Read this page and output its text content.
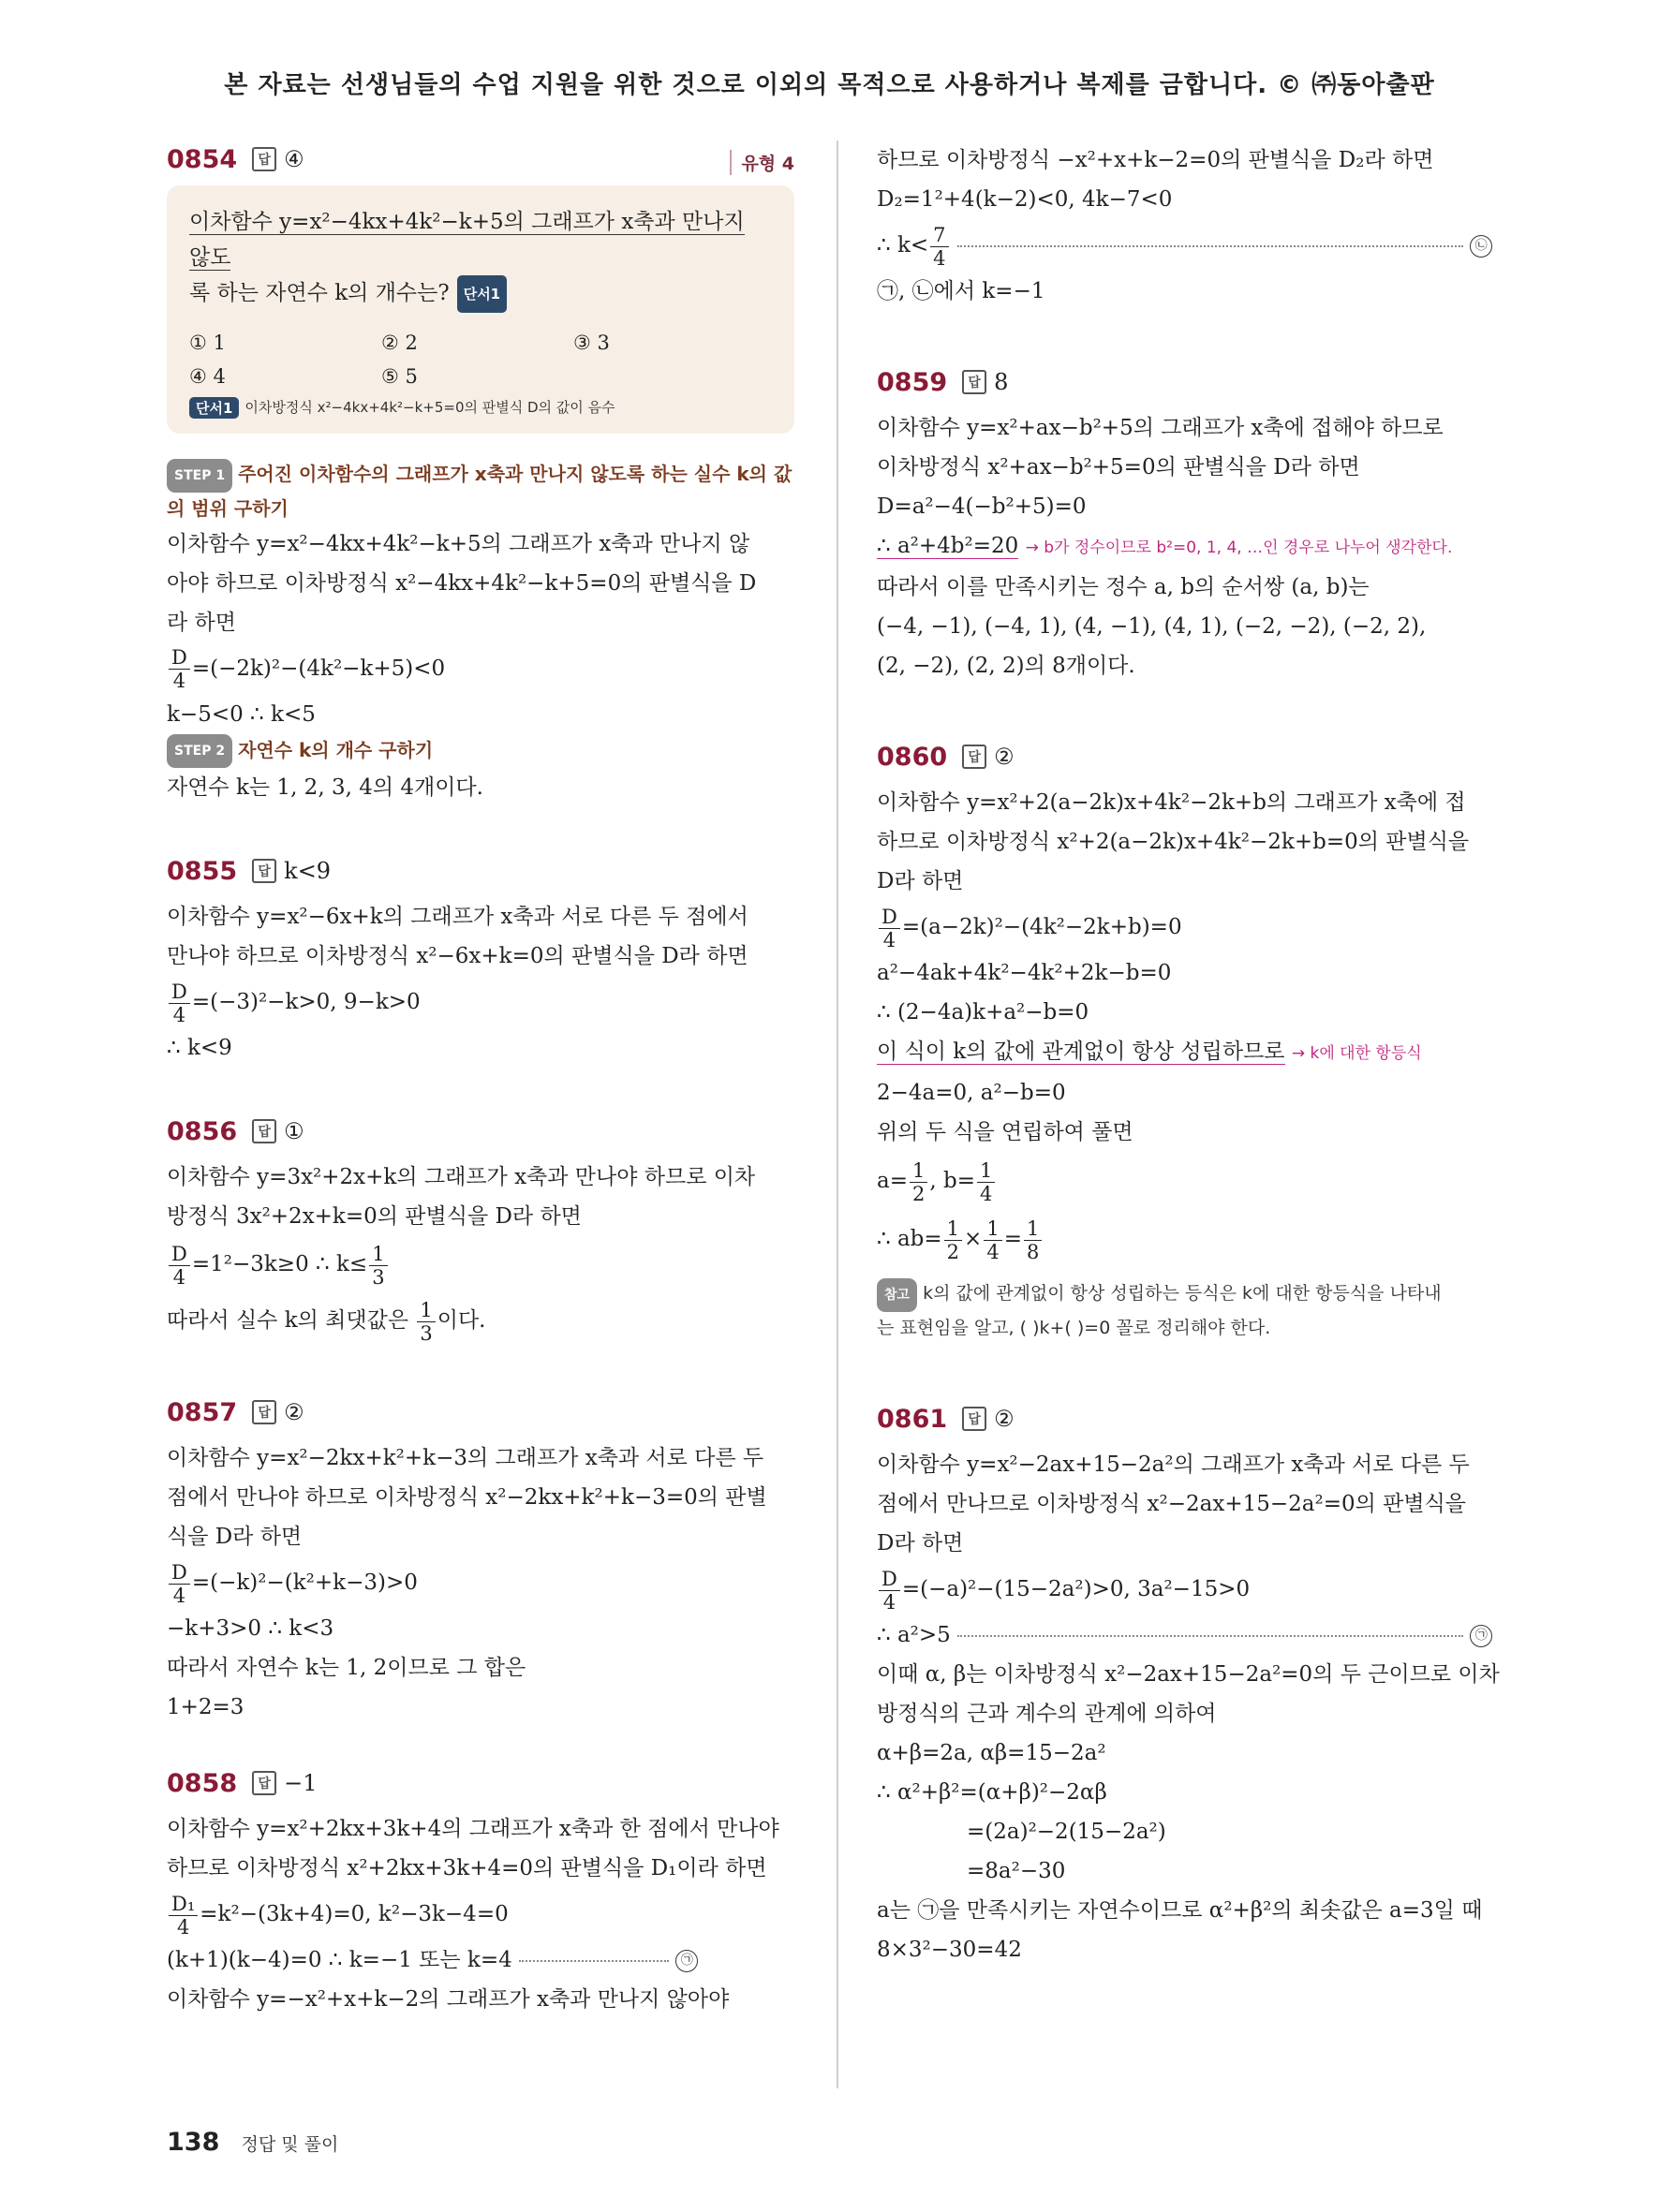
본 자료는 선생님들의 수업 지원을 위한 것으로 이외의 목적으로 사용하거나 복제를 금합니다. © ㈜동아출판
0854	답 ④	유형 4
이차함수 y=x²−4kx+4k²−k+5의 그래프가 x축과 만나지 않도
록 하는 자연수 k의 개수는? 단서1
① 1	② 2	③ 3
④ 4	⑤ 5
단서1 이차방정식 x²−4kx+4k²−k+5=0의 판별식 D의 값이 음수
STEP 1 주어진 이차함수의 그래프가 x축과 만나지 않도록 하는 실수 k의 값
의 범위 구하기
이차함수 y=x²−4kx+4k²−k+5의 그래프가 x축과 만나지 않
아야 하므로 이차방정식 x²−4kx+4k²−k+5=0의 판별식을 D
라 하면
$\frac{D}{4} =(-2k)^2-(4k^2-k+5)<0$
k−5<0 ∴ k<5
STEP 2 자연수 k의 개수 구하기
자연수 k는 1, 2, 3, 4의 4개이다.
0855	답 k<9
이차함수 y=x²−6x+k의 그래프가 x축과 서로 다른 두 점에서
만나야 하므로 이차방정식 x²−6x+k=0의 판별식을 D라 하면
$\frac{D}{4} =(-3)^2-k>0$, 9−k>0
∴ k<9
0856	답 ①
이차함수 y=3x²+2x+k의 그래프가 x축과 만나야 하므로 이차
방정식 3x²+2x+k=0의 판별식을 D라 하면
$\frac{D}{4} =1^2-3k\ge 0$ ∴ $k\le \frac{1}{3}$
따라서 실수 k의 최댓값은 $\frac{1}{3}$ 이다.
0857	답 ②
이차함수 y=x²−2kx+k²+k−3의 그래프가 x축과 서로 다른 두
점에서 만나야 하므로 이차방정식 x²−2kx+k²+k−3=0의 판별
식을 D라 하면
$\frac{D}{4} =(-k)^2-(k^2+k-3)>0$
−k+3>0 ∴ k<3
따라서 자연수 k는 1, 2이므로 그 합은
1+2=3
0858	답 −1
이차함수 y=x²+2kx+3k+4의 그래프가 x축과 한 점에서 만나야
하므로 이차방정식 x²+2kx+3k+4=0의 판별식을 D₁이라 하면
$\frac{\text{D₁}}{4} =k^2-(3k+4)=0$, k²−3k−4=0
(k+1)(k−4)=0 ∴ k=−1 또는 k=4	㉠
이차함수 y=−x²+x+k−2의 그래프가 x축과 만나지 않아야
하므로 이차방정식 −x²+x+k−2=0의 판별식을 D₂라 하면
D₂=1²+4(k−2)<0, 4k−7<0
∴ $k< \frac{7}{4}$	㉡
㉠, ㉡에서 k=−1
0859	답 8
이차함수 y=x²+ax−b²+5의 그래프가 x축에 접해야 하므로
이차방정식 x²+ax−b²+5=0의 판별식을 D라 하면
D=a²−4(−b²+5)=0
∴ a²+4b²=20 → b가 정수이므로 b²=0, 1, 4, …인 경우로 나누어 생각한다.
따라서 이를 만족시키는 정수 a, b의 순서쌍 (a, b)는
(−4, −1), (−4, 1), (4, −1), (4, 1), (−2, −2), (−2, 2),
(2, −2), (2, 2)의 8개이다.
0860	답 ②
이차함수 y=x²+2(a−2k)x+4k²−2k+b의 그래프가 x축에 접
하므로 이차방정식 x²+2(a−2k)x+4k²−2k+b=0의 판별식을
D라 하면
$\frac{D}{4} =(a-2k)^2-(4k^2-2k+b)=0$
a²−4ak+4k²−4k²+2k−b=0
∴ (2−4a)k+a²−b=0
이 식이 k의 값에 관계없이 항상 성립하므로 → k에 대한 항등식
2−4a=0, a²−b=0
위의 두 식을 연립하여 풀면
$a= \frac{1}{2}$ , $b= \frac{1}{4}$
∴ $ab= \frac{1}{2} \times \frac{1}{4} = \frac{1}{8}$
참고 k의 값에 관계없이 항상 성립하는 등식은 k에 대한 항등식을 나타내
는 표현임을 알고, ( )k+( )=0 꼴로 정리해야 한다.
0861	답 ②
이차함수 y=x²−2ax+15−2a²의 그래프가 x축과 서로 다른 두
점에서 만나므로 이차방정식 x²−2ax+15−2a²=0의 판별식을
D라 하면
$\frac{D}{4} =(-a)^2-(15-2a^2)>0$, 3a²−15>0
∴ a²>5	㉠
이때 α, β는 이차방정식 x²−2ax+15−2a²=0의 두 근이므로 이차
방정식의 근과 계수의 관계에 의하여
α+β=2a, αβ=15−2a²
∴ α²+β²=(α+β)²−2αβ
=(2a)²−2(15−2a²)
=8a²−30
a는 ㉠을 만족시키는 자연수이므로 α²+β²의 최솟값은 a=3일 때
8×3²−30=42
138 정답 및 풀이
